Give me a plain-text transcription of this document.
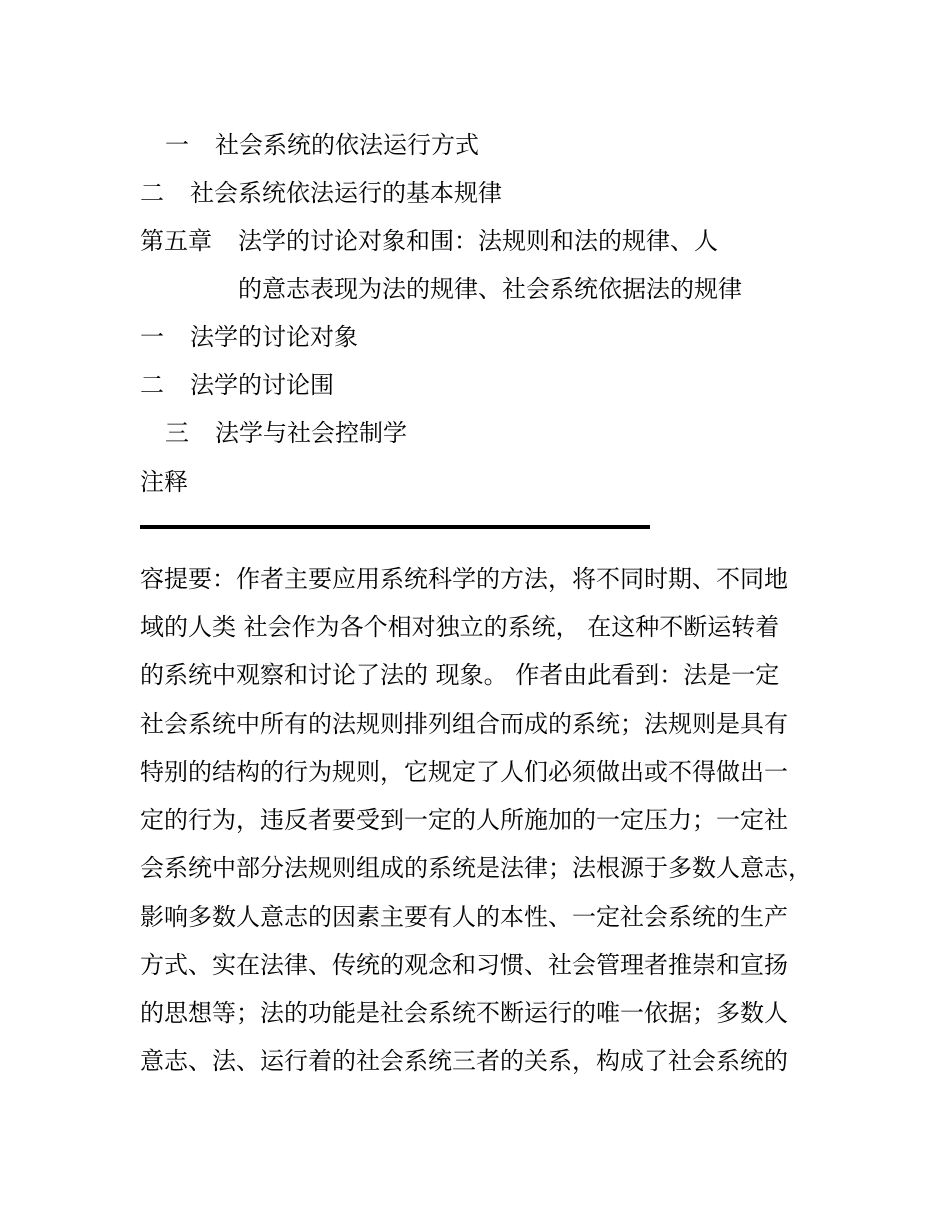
一 社会系统的依法运行方式
二 社会系统依法运行的基本规律
第五章 法学的讨论对象和围：法规则和法的规律、人
的意志表现为法的规律、社会系统依据法的规律
一 法学的讨论对象
二 法学的讨论围
三 法学与社会控制学
注释
容提要：作者主要应用系统科学的方法，将不同时期、不同地
域的人类 社会作为各个相对独立的系统， 在这种不断运转着
的系统中观察和讨论了法的 现象。 作者由此看到：法是一定
社会系统中所有的法规则排列组合而成的系统；法规则是具有
特别的结构的行为规则，它规定了人们必须做出或不得做出一
定的行为，违反者要受到一定的人所施加的一定压力；一定社
会系统中部分法规则组成的系统是法律；法根源于多数人意志，
影响多数人意志的因素主要有人的本性、一定社会系统的生产
方式、实在法律、传统的观念和习惯、社会管理者推崇和宣扬
的思想等；法的功能是社会系统不断运行的唯一依据；多数人
意志、法、运行着的社会系统三者的关系，构成了社会系统的
